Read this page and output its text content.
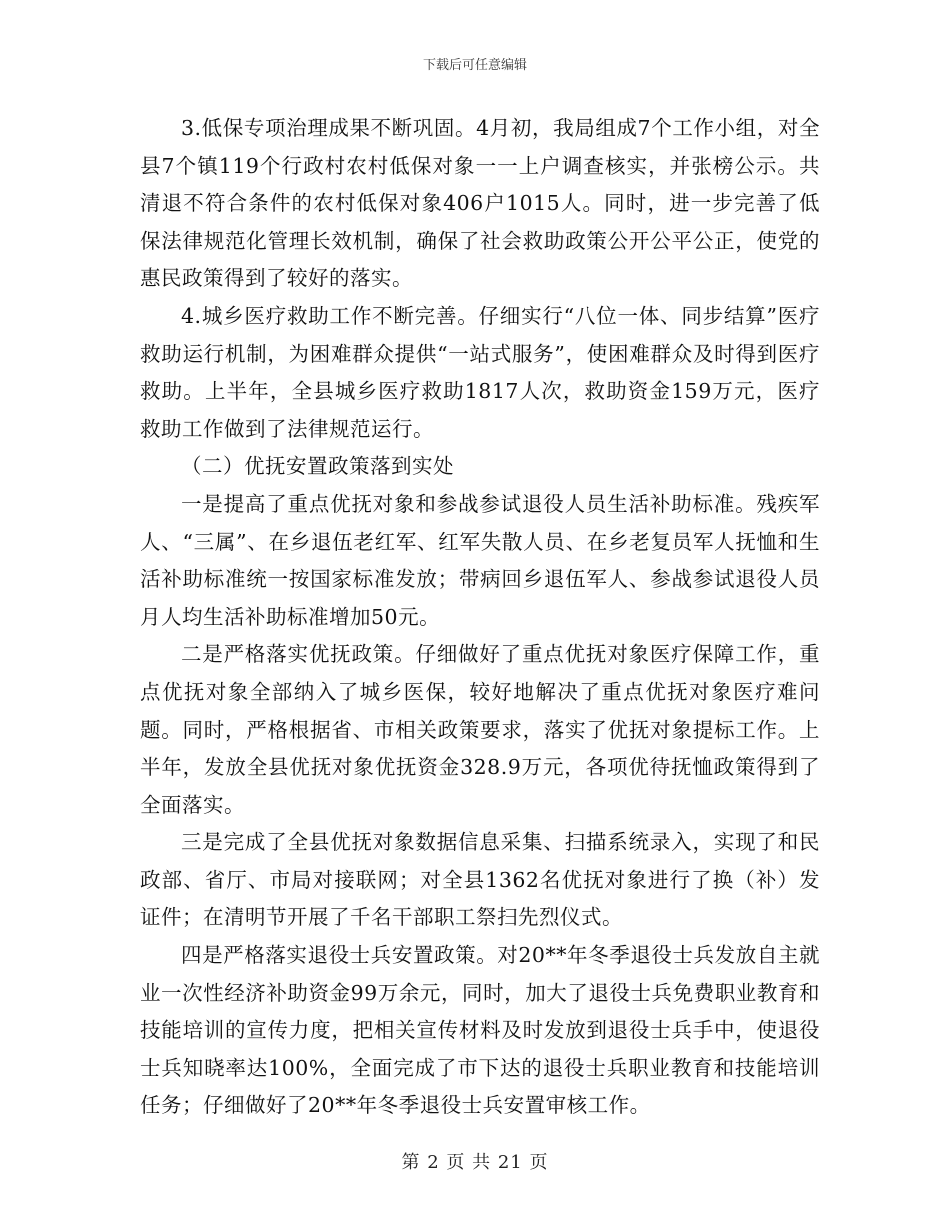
下载后可任意编辑

3.低保专项治理成果不断巩固。4月初，我局组成7个工作小组，对全县7个镇119个行政村农村低保对象一一上户调查核实，并张榜公示。共清退不符合条件的农村低保对象406户1015人。同时，进一步完善了低保法律规范化管理长效机制，确保了社会救助政策公开公平公正，使党的惠民政策得到了较好的落实。

4.城乡医疗救助工作不断完善。仔细实行“八位一体、同步结算”医疗救助运行机制，为困难群众提供“一站式服务”，使困难群众及时得到医疗救助。上半年，全县城乡医疗救助1817人次，救助资金159万元，医疗救助工作做到了法律规范运行。

（二）优抚安置政策落到实处

一是提高了重点优抚对象和参战参试退役人员生活补助标准。残疾军人、“三属”、在乡退伍老红军、红军失散人员、在乡老复员军人抚恤和生活补助标准统一按国家标准发放；带病回乡退伍军人、参战参试退役人员月人均生活补助标准增加50元。

二是严格落实优抚政策。仔细做好了重点优抚对象医疗保障工作，重点优抚对象全部纳入了城乡医保，较好地解决了重点优抚对象医疗难问题。同时，严格根据省、市相关政策要求，落实了优抚对象提标工作。上半年，发放全县优抚对象优抚资金328.9万元，各项优待抚恤政策得到了全面落实。

三是完成了全县优抚对象数据信息采集、扫描系统录入，实现了和民政部、省厅、市局对接联网；对全县1362名优抚对象进行了换（补）发证件；在清明节开展了千名干部职工祭扫先烈仪式。

四是严格落实退役士兵安置政策。对20**年冬季退役士兵发放自主就业一次性经济补助资金99万余元，同时，加大了退役士兵免费职业教育和技能培训的宣传力度，把相关宣传材料及时发放到退役士兵手中，使退役士兵知晓率达100%，全面完成了市下达的退役士兵职业教育和技能培训任务；仔细做好了20**年冬季退役士兵安置审核工作。

第 2 页 共 21 页
